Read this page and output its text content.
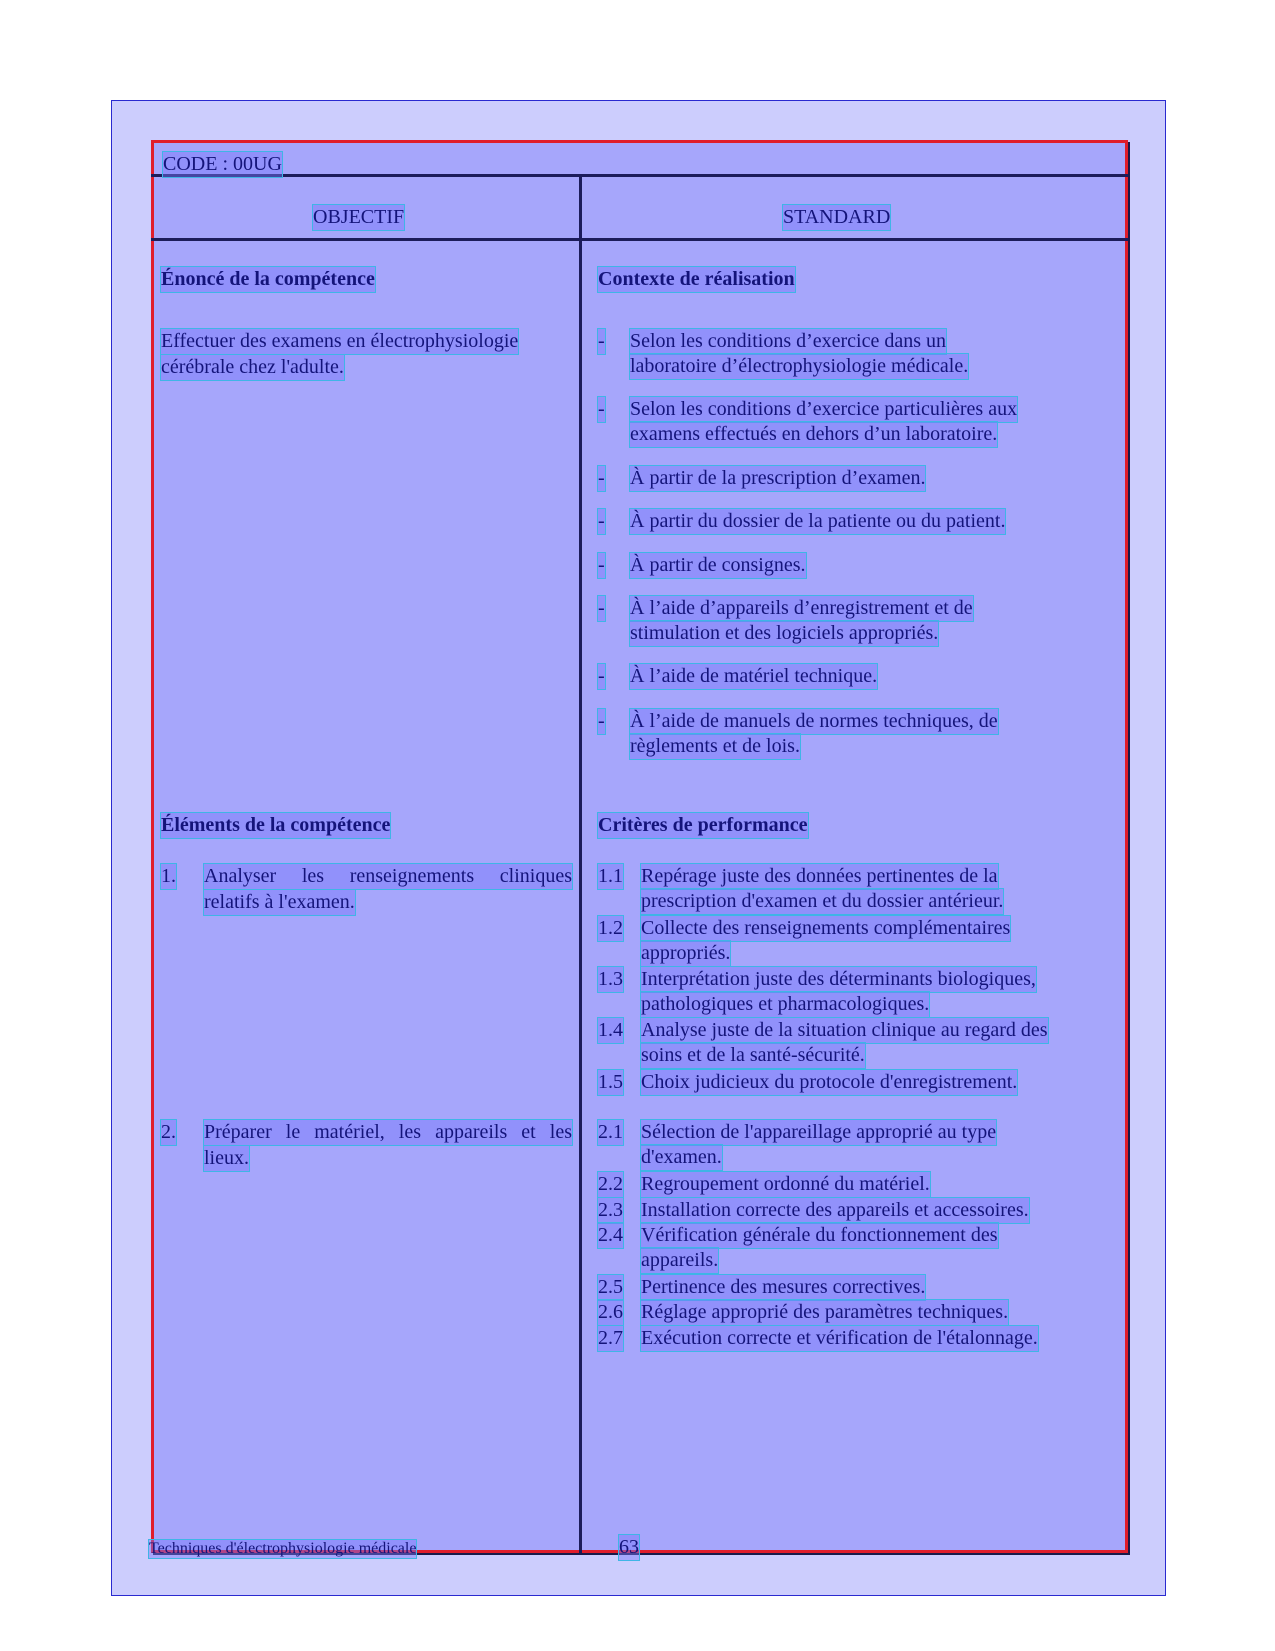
CODE : 00UG
OBJECTIF	STANDARD
Énoncé de la compétence
Effectuer des examens en électrophysiologie
cérébrale chez l'adulte.
Contexte de réalisation
- Selon les conditions d’exercice dans un
laboratoire d’électrophysiologie médicale.
- Selon les conditions d’exercice particulières aux
examens effectués en dehors d’un laboratoire.
- À partir de la prescription d’examen.
- À partir du dossier de la patiente ou du patient.
- À partir de consignes.
- À l’aide d’appareils d’enregistrement et de
stimulation et des logiciels appropriés.
- À l’aide de matériel technique.
- À l’aide de manuels de normes techniques, de
règlements et de lois.
Éléments de la compétence
1. Analyser les renseignements cliniques
relatifs à l'examen.
2. Préparer le matériel, les appareils et les
lieux.
Critères de performance
1.1 Repérage juste des données pertinentes de la
prescription d'examen et du dossier antérieur.
1.2 Collecte des renseignements complémentaires
appropriés.
1.3 Interprétation juste des déterminants biologiques,
pathologiques et pharmacologiques.
1.4 Analyse juste de la situation clinique au regard des
soins et de la santé-sécurité.
1.5 Choix judicieux du protocole d'enregistrement.
2.1 Sélection de l'appareillage approprié au type
d'examen.
2.2 Regroupement ordonné du matériel.
2.3 Installation correcte des appareils et accessoires.
2.4 Vérification générale du fonctionnement des
appareils.
2.5 Pertinence des mesures correctives.
2.6 Réglage approprié des paramètres techniques.
2.7 Exécution correcte et vérification de l'étalonnage.
Techniques d'électrophysiologie médicale	63
